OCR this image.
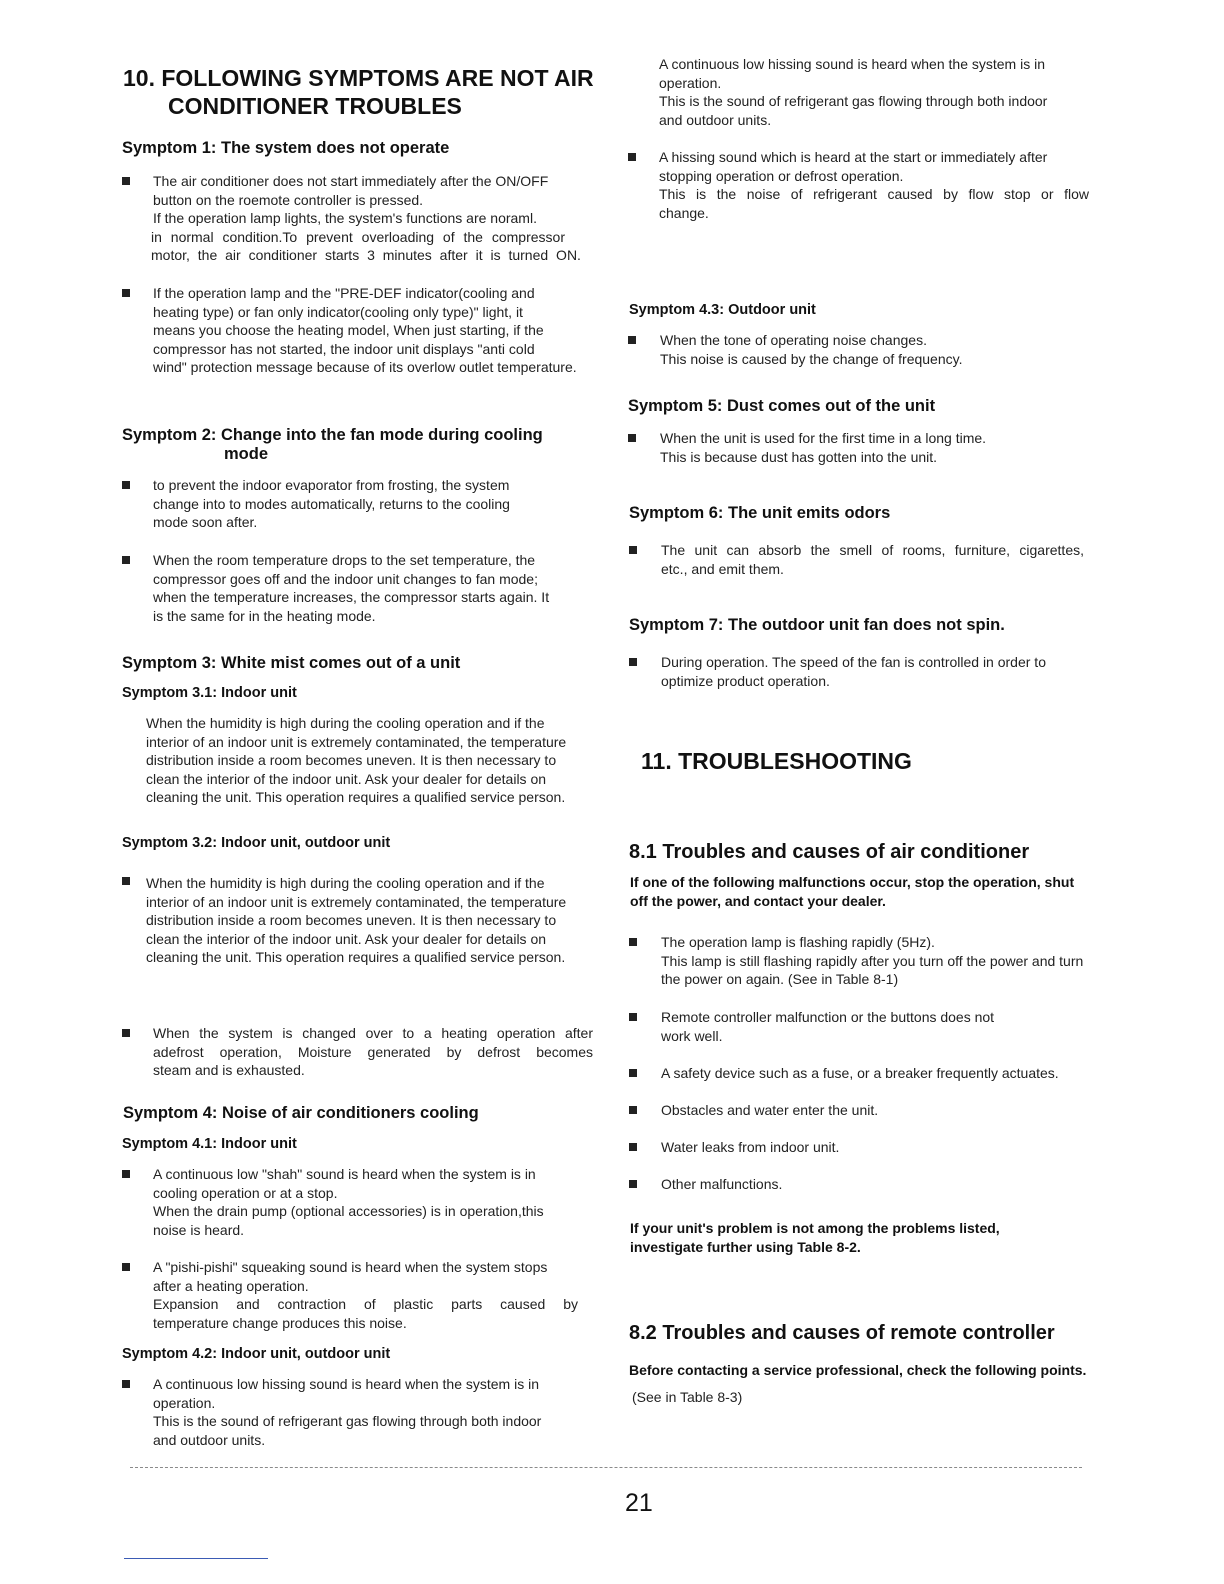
10. FOLLOWING SYMPTOMS ARE NOT AIR
CONDITIONER TROUBLES
Symptom 1: The system does not operate
The air conditioner does not start immediately after the ON/OFF
button on the roemote controller is pressed.
If the operation lamp lights, the system's functions are noraml.
in normal condition.To prevent overloading of the compressor
motor, the air conditioner starts 3 minutes after it is turned ON.
If the operation lamp and the "PRE-DEF indicator(cooling and
heating type) or fan only indicator(cooling only type)" light, it
means you choose the heating model, When just starting, if the
compressor has not started, the indoor unit displays "anti cold
wind" protection message because of its overlow outlet temperature.
Symptom 2: Change into the fan mode during cooling
mode
to prevent the indoor evaporator from frosting, the system
change into to modes automatically, returns to the cooling
mode soon after.
When the room temperature drops to the set temperature, the
compressor goes off and the indoor unit changes to fan mode;
when the temperature increases, the compressor starts again. It
is the same for in the heating mode.
Symptom 3: White mist comes out of a unit
Symptom 3.1: Indoor unit
When the humidity is high during the cooling operation and if the
interior of an indoor unit is extremely contaminated, the temperature
distribution inside a room becomes uneven. It is then necessary to
clean the interior of the indoor unit. Ask your dealer for details on
cleaning the unit. This operation requires a qualified service person.
Symptom 3.2: Indoor unit, outdoor unit
When the humidity is high during the cooling operation and if the
interior of an indoor unit is extremely contaminated, the temperature
distribution inside a room becomes uneven. It is then necessary to
clean the interior of the indoor unit. Ask your dealer for details on
cleaning the unit. This operation requires a qualified service person.
When the system is changed over to a heating operation after
adefrost operation, Moisture generated by defrost becomes
steam and is exhausted.
Symptom 4: Noise of air conditioners cooling
Symptom 4.1: Indoor unit
A continuous low "shah" sound is heard when the system is in
cooling operation or at a stop.
When the drain pump (optional accessories) is in operation,this
noise is heard.
A "pishi-pishi" squeaking sound is heard when the system stops
after a heating operation.
Expansion and contraction of plastic parts caused by
temperature change produces this noise.
Symptom 4.2: Indoor unit, outdoor unit
A continuous low hissing sound is heard when the system is in
operation.
This is the sound of refrigerant gas flowing through both indoor
and outdoor units.
A continuous low hissing sound is heard when the system is in
operation.
This is the sound of refrigerant gas flowing through both indoor
and outdoor units.
A hissing sound which is heard at the start or immediately after
stopping operation or defrost operation.
This is the noise of refrigerant caused by flow stop or flow
change.
Symptom 4.3: Outdoor unit
When the tone of operating noise changes.
This noise is caused by the change of frequency.
Symptom 5: Dust comes out of the unit
When the unit is used for the first time in a long time.
This is because dust has gotten into the unit.
Symptom 6: The unit emits odors
The unit can absorb the smell of rooms, furniture, cigarettes,
etc., and emit them.
Symptom 7: The outdoor unit fan does not spin.
During operation. The speed of the fan is controlled in order to
optimize product operation.
11. TROUBLESHOOTING
8.1 Troubles and causes of air conditioner
If one of the following malfunctions occur, stop the operation, shut
off the power, and contact your dealer.
The operation lamp is flashing rapidly (5Hz).
This lamp is still flashing rapidly after you turn off the power and turn
the power on again. (See in Table 8-1)
Remote controller malfunction or the buttons does not
work well.
A safety device such as a fuse, or a breaker frequently actuates.
Obstacles and water enter the unit.
Water leaks from indoor unit.
Other malfunctions.
If your unit's problem is not among the problems listed,
investigate further using Table 8-2.
8.2 Troubles and causes of remote controller
Before contacting a service professional, check the following points.
(See in Table 8-3)
21
